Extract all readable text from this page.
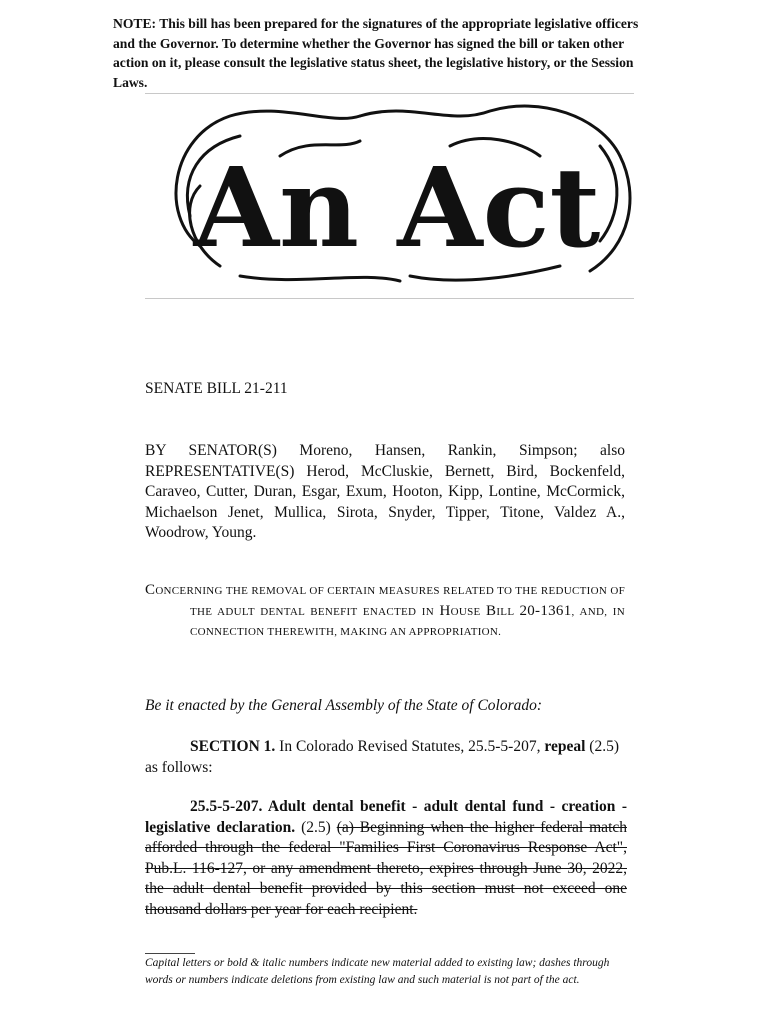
NOTE: This bill has been prepared for the signatures of the appropriate legislative officers and the Governor. To determine whether the Governor has signed the bill or taken other action on it, please consult the legislative status sheet, the legislative history, or the Session Laws.

An Act

SENATE BILL 21-211

BY SENATOR(S) Moreno, Hansen, Rankin, Simpson; also REPRESENTATIVE(S) Herod, McCluskie, Bernett, Bird, Bockenfeld, Caraveo, Cutter, Duran, Esgar, Exum, Hooton, Kipp, Lontine, McCormick, Michaelson Jenet, Mullica, Sirota, Snyder, Tipper, Titone, Valdez A., Woodrow, Young.

CONCERNING THE REMOVAL OF CERTAIN MEASURES RELATED TO THE REDUCTION OF THE ADULT DENTAL BENEFIT ENACTED IN HOUSE BILL 20-1361, AND, IN CONNECTION THEREWITH, MAKING AN APPROPRIATION.

Be it enacted by the General Assembly of the State of Colorado:

SECTION 1. In Colorado Revised Statutes, 25.5-5-207, repeal (2.5) as follows:

25.5-5-207. Adult dental benefit - adult dental fund - creation - legislative declaration. (2.5) (a) Beginning when the higher federal match afforded through the federal "Families First Coronavirus Response Act", Pub.L. 116-127, or any amendment thereto, expires through June 30, 2022, the adult dental benefit provided by this section must not exceed one thousand dollars per year for each recipient.

Capital letters or bold & italic numbers indicate new material added to existing law; dashes through words or numbers indicate deletions from existing law and such material is not part of the act.
